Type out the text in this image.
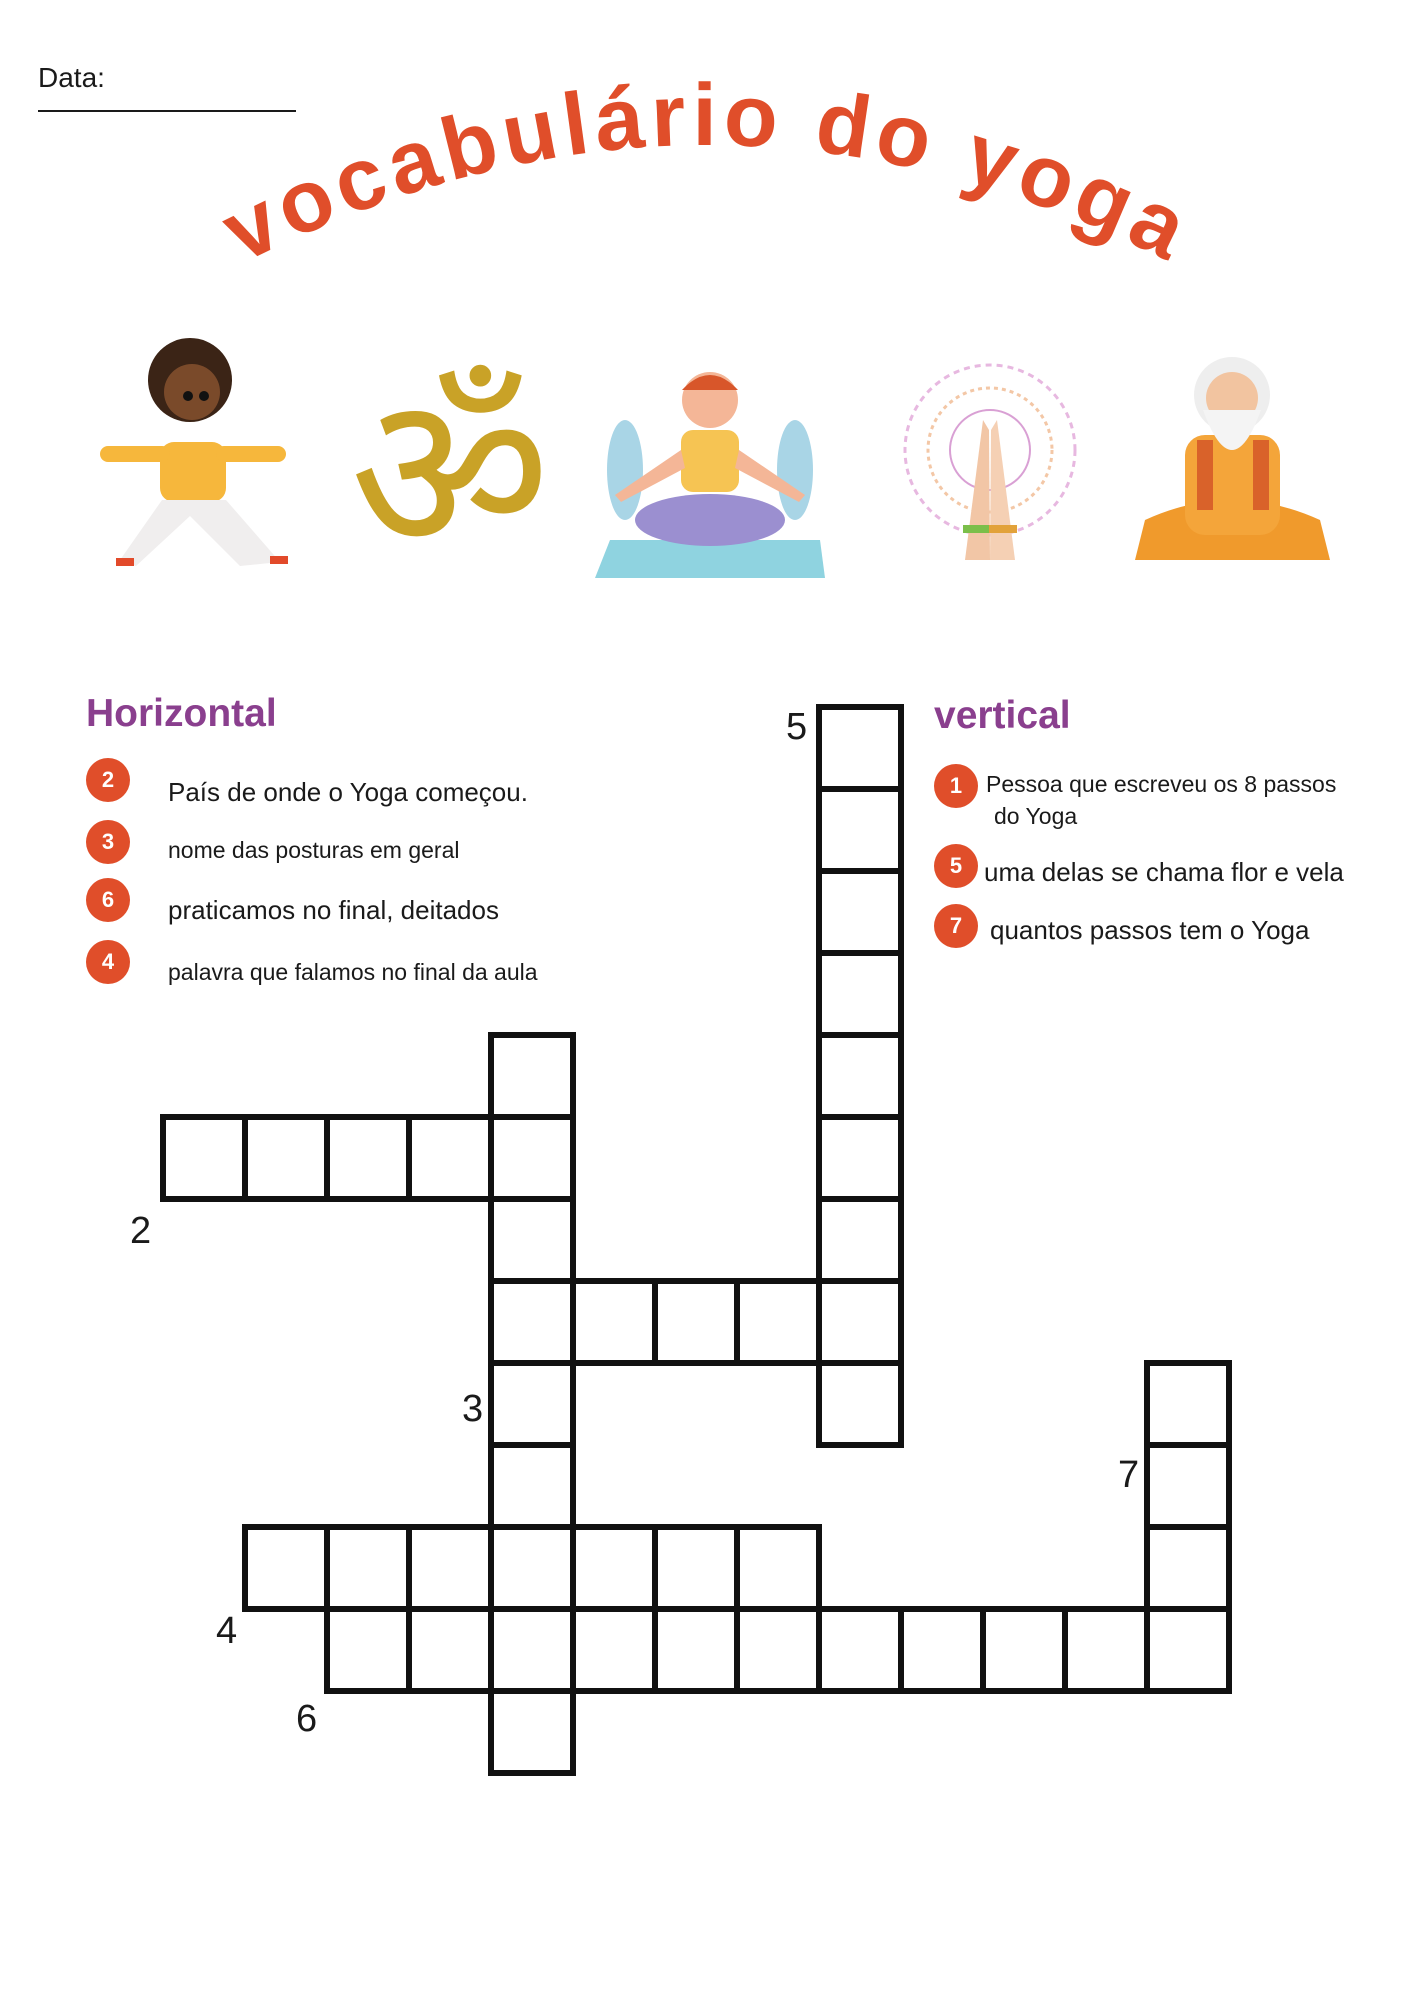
Data:
vocabulário do yoga
ॐ
Horizontal
2	País de onde o Yoga começou.
3	nome das posturas em geral
6	praticamos no final, deitados
4	palavra que falamos no final da aula
vertical
1	Pessoa que escreveu os 8 passos
do Yoga
5 uma delas se chama flor e vela
7	quantos passos tem o Yoga
5
2
3
7
4
6
